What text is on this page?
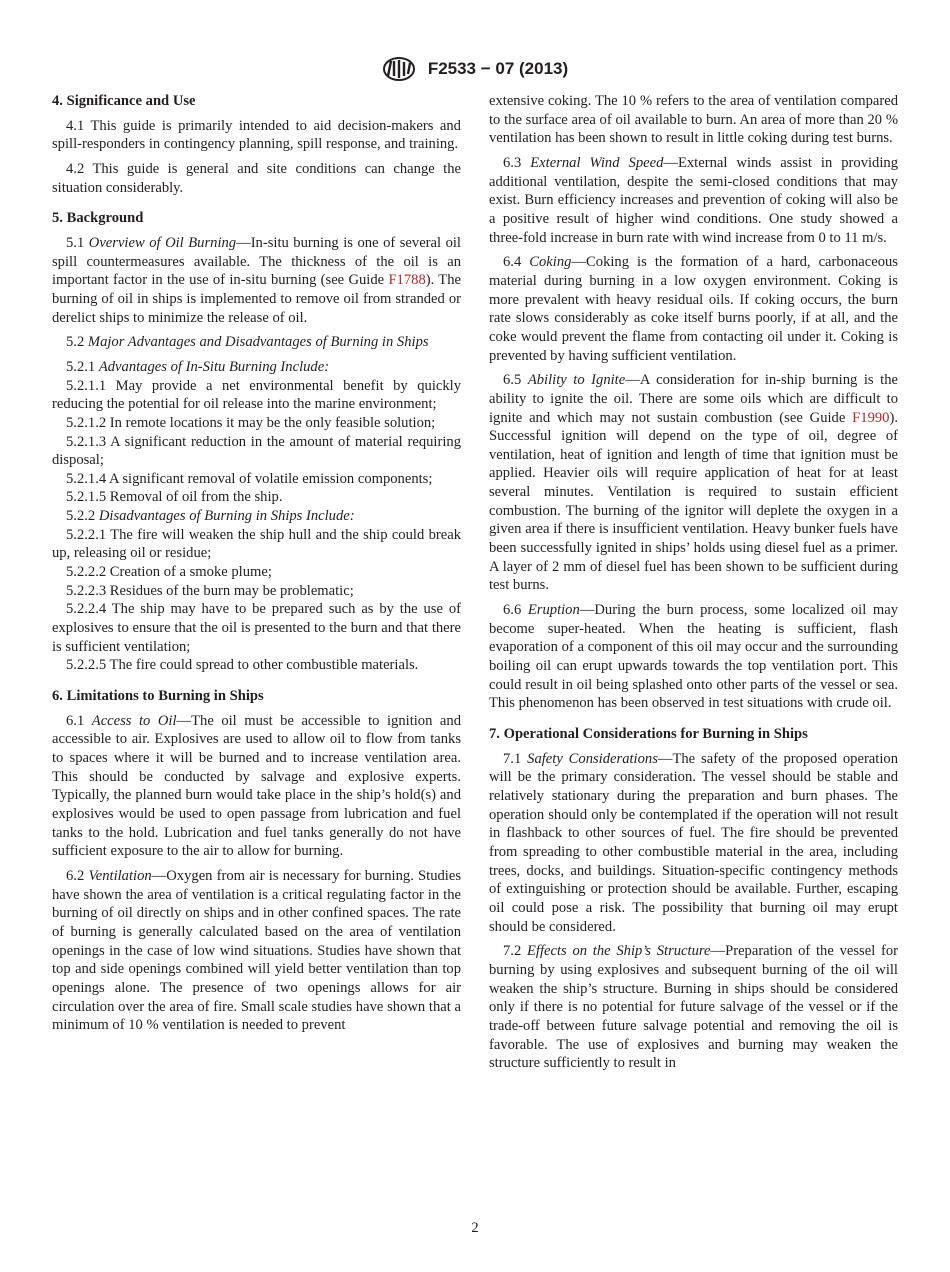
F2533 − 07 (2013)
4. Significance and Use

4.1 This guide is primarily intended to aid decision-makers and spill-responders in contingency planning, spill response, and training.

4.2 This guide is general and site conditions can change the situation considerably.

5. Background

5.1 Overview of Oil Burning—In-situ burning is one of several oil spill countermeasures available. The thickness of the oil is an important factor in the use of in-situ burning (see Guide F1788). The burning of oil in ships is implemented to remove oil from stranded or derelict ships to minimize the release of oil.

5.2 Major Advantages and Disadvantages of Burning in Ships

5.2.1 Advantages of In-Situ Burning Include:

5.2.1.1 May provide a net environmental benefit by quickly reducing the potential for oil release into the marine environment;

5.2.1.2 In remote locations it may be the only feasible solution;

5.2.1.3 A significant reduction in the amount of material requiring disposal;

5.2.1.4 A significant removal of volatile emission components;

5.2.1.5 Removal of oil from the ship.

5.2.2 Disadvantages of Burning in Ships Include:

5.2.2.1 The fire will weaken the ship hull and the ship could break up, releasing oil or residue;

5.2.2.2 Creation of a smoke plume;

5.2.2.3 Residues of the burn may be problematic;

5.2.2.4 The ship may have to be prepared such as by the use of explosives to ensure that the oil is presented to the burn and that there is sufficient ventilation;

5.2.2.5 The fire could spread to other combustible materials.

6. Limitations to Burning in Ships

6.1 Access to Oil—The oil must be accessible to ignition and accessible to air. Explosives are used to allow oil to flow from tanks to spaces where it will be burned and to increase ventilation area. This should be conducted by salvage and explosive experts. Typically, the planned burn would take place in the ship’s hold(s) and explosives would be used to open passage from lubrication and fuel tanks to the hold. Lubrication and fuel tanks generally do not have sufficient exposure to the air to allow for burning.

6.2 Ventilation—Oxygen from air is necessary for burning. Studies have shown the area of ventilation is a critical regulating factor in the burning of oil directly on ships and in other confined spaces. The rate of burning is generally calculated based on the area of ventilation openings in the case of low wind situations. Studies have shown that top and side openings combined will yield better ventilation than top openings alone. The presence of two openings allows for air circulation over the area of fire. Small scale studies have shown that a minimum of 10 % ventilation is needed to prevent

extensive coking. The 10 % refers to the area of ventilation compared to the surface area of oil available to burn. An area of more than 20 % ventilation has been shown to result in little coking during test burns.

6.3 External Wind Speed—External winds assist in providing additional ventilation, despite the semi-closed conditions that may exist. Burn efficiency increases and prevention of coking will also be a positive result of higher wind conditions. One study showed a three-fold increase in burn rate with wind increase from 0 to 11 m/s.

6.4 Coking—Coking is the formation of a hard, carbonaceous material during burning in a low oxygen environment. Coking is more prevalent with heavy residual oils. If coking occurs, the burn rate slows considerably as coke itself burns poorly, if at all, and the coke would prevent the flame from contacting oil under it. Coking is prevented by having sufficient ventilation.

6.5 Ability to Ignite—A consideration for in-ship burning is the ability to ignite the oil. There are some oils which are difficult to ignite and which may not sustain combustion (see Guide F1990). Successful ignition will depend on the type of oil, degree of ventilation, heat of ignition and length of time that ignition must be applied. Heavier oils will require application of heat for at least several minutes. Ventilation is required to sustain efficient combustion. The burning of the ignitor will deplete the oxygen in a given area if there is insufficient ventilation. Heavy bunker fuels have been successfully ignited in ships’ holds using diesel fuel as a primer. A layer of 2 mm of diesel fuel has been shown to be sufficient during test burns.

6.6 Eruption—During the burn process, some localized oil may become super-heated. When the heating is sufficient, flash evaporation of a component of this oil may occur and the surrounding boiling oil can erupt upwards towards the top ventilation port. This could result in oil being splashed onto other parts of the vessel or sea. This phenomenon has been observed in test situations with crude oil.

7. Operational Considerations for Burning in Ships

7.1 Safety Considerations—The safety of the proposed operation will be the primary consideration. The vessel should be stable and relatively stationary during the preparation and burn phases. The operation should only be contemplated if the operation will not result in flashback to other sources of fuel. The fire should be prevented from spreading to other combustible material in the area, including trees, docks, and buildings. Situation-specific contingency methods of extinguishing or protection should be available. Further, escaping oil could pose a risk. The possibility that burning oil may erupt should be considered.

7.2 Effects on the Ship’s Structure—Preparation of the vessel for burning by using explosives and subsequent burning of the oil will weaken the ship’s structure. Burning in ships should be considered only if there is no potential for future salvage of the vessel or if the trade-off between future salvage potential and removing the oil is favorable. The use of explosives and burning may weaken the structure sufficiently to result in

2
